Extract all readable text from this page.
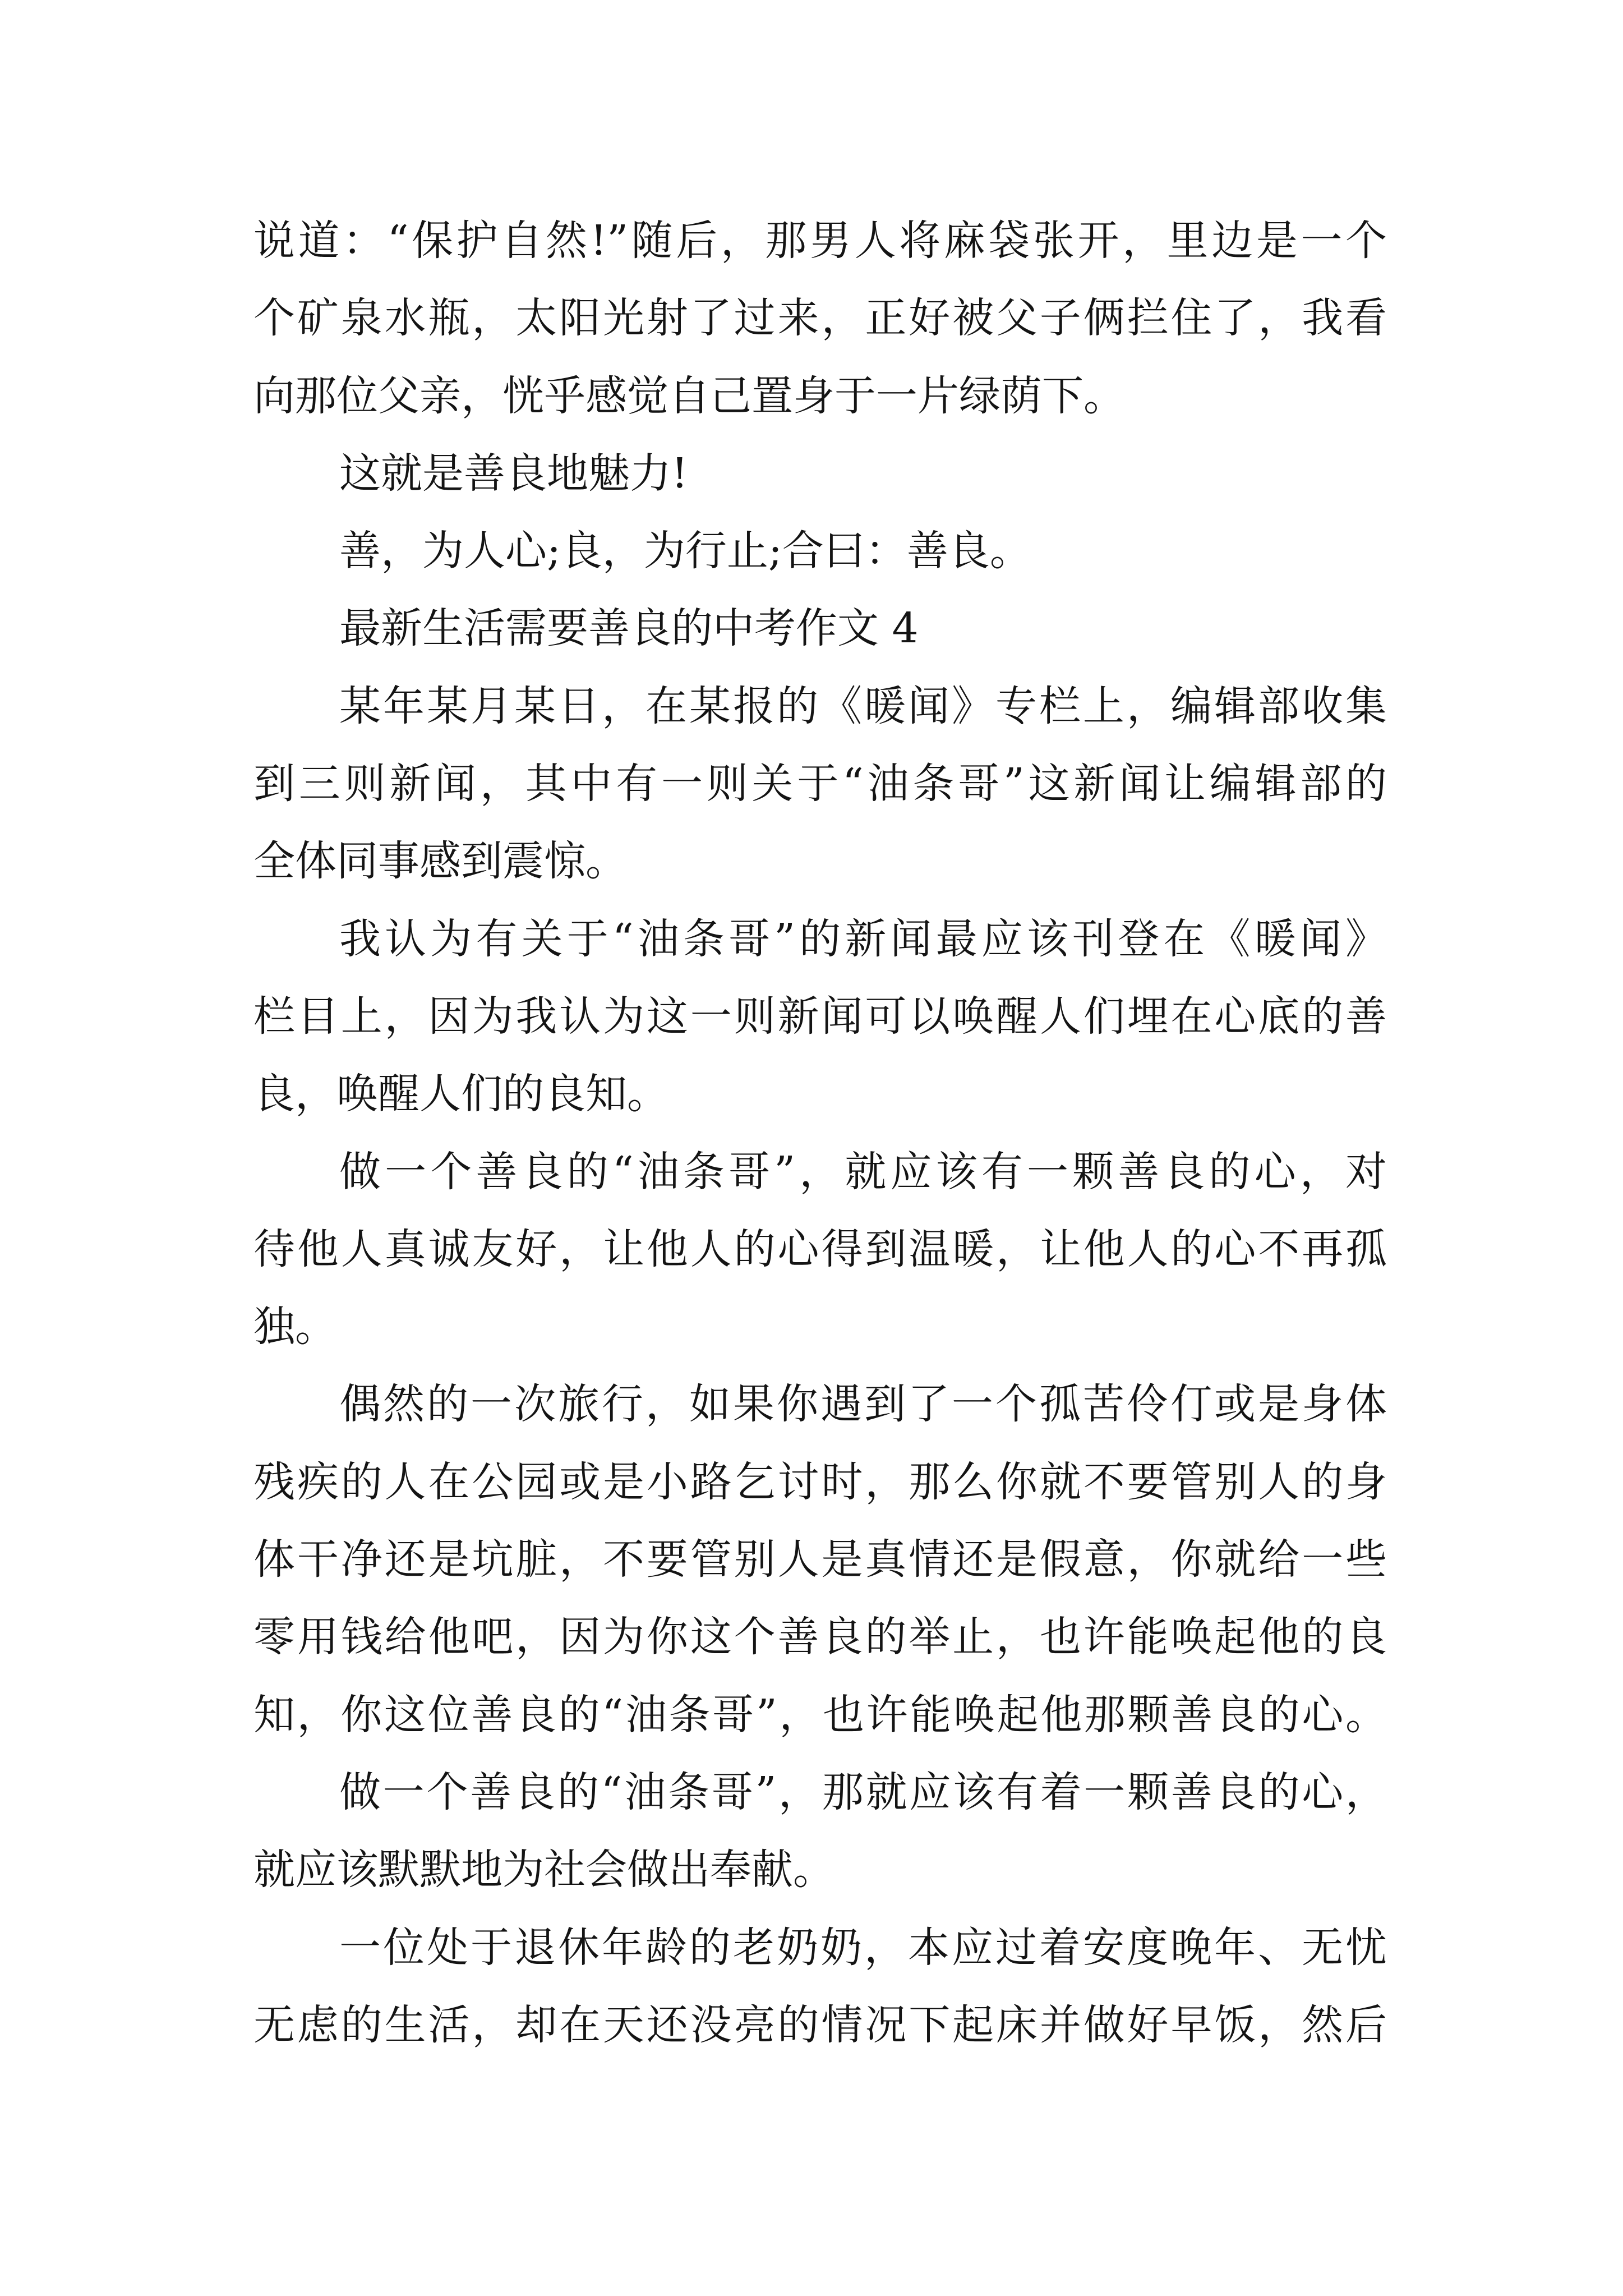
说道：“保护自然!”随后，那男人将麻袋张开，里边是一个
个矿泉水瓶，太阳光射了过来，正好被父子俩拦住了，我看
向那位父亲，恍乎感觉自己置身于一片绿荫下。
这就是善良地魅力!
善，为人心;良，为行止;合曰：善良。
最新生活需要善良的中考作文 4
某年某月某日，在某报的《暖闻》专栏上，编辑部收集
到三则新闻，其中有一则关于“油条哥”这新闻让编辑部的
全体同事感到震惊。
我认为有关于“油条哥”的新闻最应该刊登在《暖闻》
栏目上，因为我认为这一则新闻可以唤醒人们埋在心底的善
良，唤醒人们的良知。
做一个善良的“油条哥”，就应该有一颗善良的心，对
待他人真诚友好，让他人的心得到温暖，让他人的心不再孤
独。
偶然的一次旅行，如果你遇到了一个孤苦伶仃或是身体
残疾的人在公园或是小路乞讨时，那么你就不要管别人的身
体干净还是坑脏，不要管别人是真情还是假意，你就给一些
零用钱给他吧，因为你这个善良的举止，也许能唤起他的良
知，你这位善良的“油条哥”，也许能唤起他那颗善良的心。
做一个善良的“油条哥”，那就应该有着一颗善良的心，
就应该默默地为社会做出奉献。
一位处于退休年龄的老奶奶，本应过着安度晚年、无忧
无虑的生活，却在天还没亮的情况下起床并做好早饭，然后
